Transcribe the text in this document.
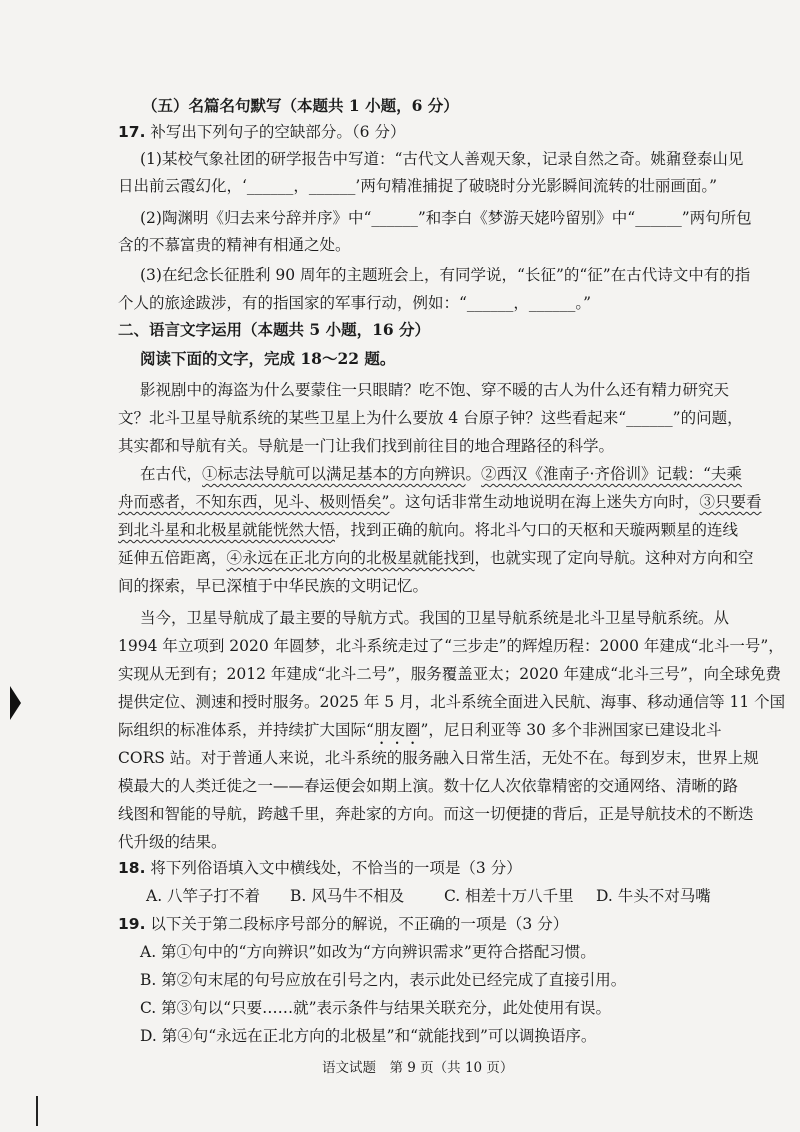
（五）名篇名句默写（本题共 1 小题，6 分）
17. 补写出下列句子的空缺部分。（6 分）
(1)某校气象社团的研学报告中写道：“古代文人善观天象，记录自然之奇。姚鼐登泰山见
日出前云霞幻化，‘______，______’两句精准捕捉了破晓时分光影瞬间流转的壮丽画面。”
(2)陶渊明《归去来兮辞并序》中“______”和李白《梦游天姥吟留别》中“______”两句所包
含的不慕富贵的精神有相通之处。
(3)在纪念长征胜利 90 周年的主题班会上，有同学说，“长征”的“征”在古代诗文中有的指
个人的旅途跋涉，有的指国家的军事行动，例如：“______，______。”
二、语言文字运用（本题共 5 小题，16 分）
阅读下面的文字，完成 18～22 题。
影视剧中的海盗为什么要蒙住一只眼睛？吃不饱、穿不暖的古人为什么还有精力研究天
文？北斗卫星导航系统的某些卫星上为什么要放 4 台原子钟？这些看起来“______”的问题，
其实都和导航有关。导航是一门让我们找到前往目的地合理路径的科学。
在古代，①标志法导航可以满足基本的方向辨识。②西汉《淮南子·齐俗训》记载：“夫乘
舟而惑者，不知东西，见斗、极则悟矣”。这句话非常生动地说明在海上迷失方向时，③只要看
到北斗星和北极星就能恍然大悟，找到正确的航向。将北斗勺口的天枢和天璇两颗星的连线
延伸五倍距离，④永远在正北方向的北极星就能找到，也就实现了定向导航。这种对方向和空
间的探索，早已深植于中华民族的文明记忆。
当今，卫星导航成了最主要的导航方式。我国的卫星导航系统是北斗卫星导航系统。从
1994 年立项到 2020 年圆梦，北斗系统走过了“三步走”的辉煌历程：2000 年建成“北斗一号”，
实现从无到有；2012 年建成“北斗二号”，服务覆盖亚太；2020 年建成“北斗三号”，向全球免费
提供定位、测速和授时服务。2025 年 5 月，北斗系统全面进入民航、海事、移动通信等 11 个国
际组织的标准体系，并持续扩大国际“朋友圈”，尼日利亚等 30 多个非洲国家已建设北斗
CORS 站。对于普通人来说，北斗系统的服务融入日常生活，无处不在。每到岁末，世界上规
模最大的人类迁徙之一——春运便会如期上演。数十亿人次依靠精密的交通网络、清晰的路
线图和智能的导航，跨越千里，奔赴家的方向。而这一切便捷的背后，正是导航技术的不断迭
代升级的结果。
18. 将下列俗语填入文中横线处，不恰当的一项是（3 分）
A. 八竿子打不着 B. 风马牛不相及	C. 相差十万八千里 D. 牛头不对马嘴
19. 以下关于第二段标序号部分的解说，不正确的一项是（3 分）
A. 第①句中的“方向辨识”如改为“方向辨识需求”更符合搭配习惯。
B. 第②句末尾的句号应放在引号之内，表示此处已经完成了直接引用。
C. 第③句以“只要……就”表示条件与结果关联充分，此处使用有误。
D. 第④句“永远在正北方向的北极星”和“就能找到”可以调换语序。
语文试题　第 9 页（共 10 页）
